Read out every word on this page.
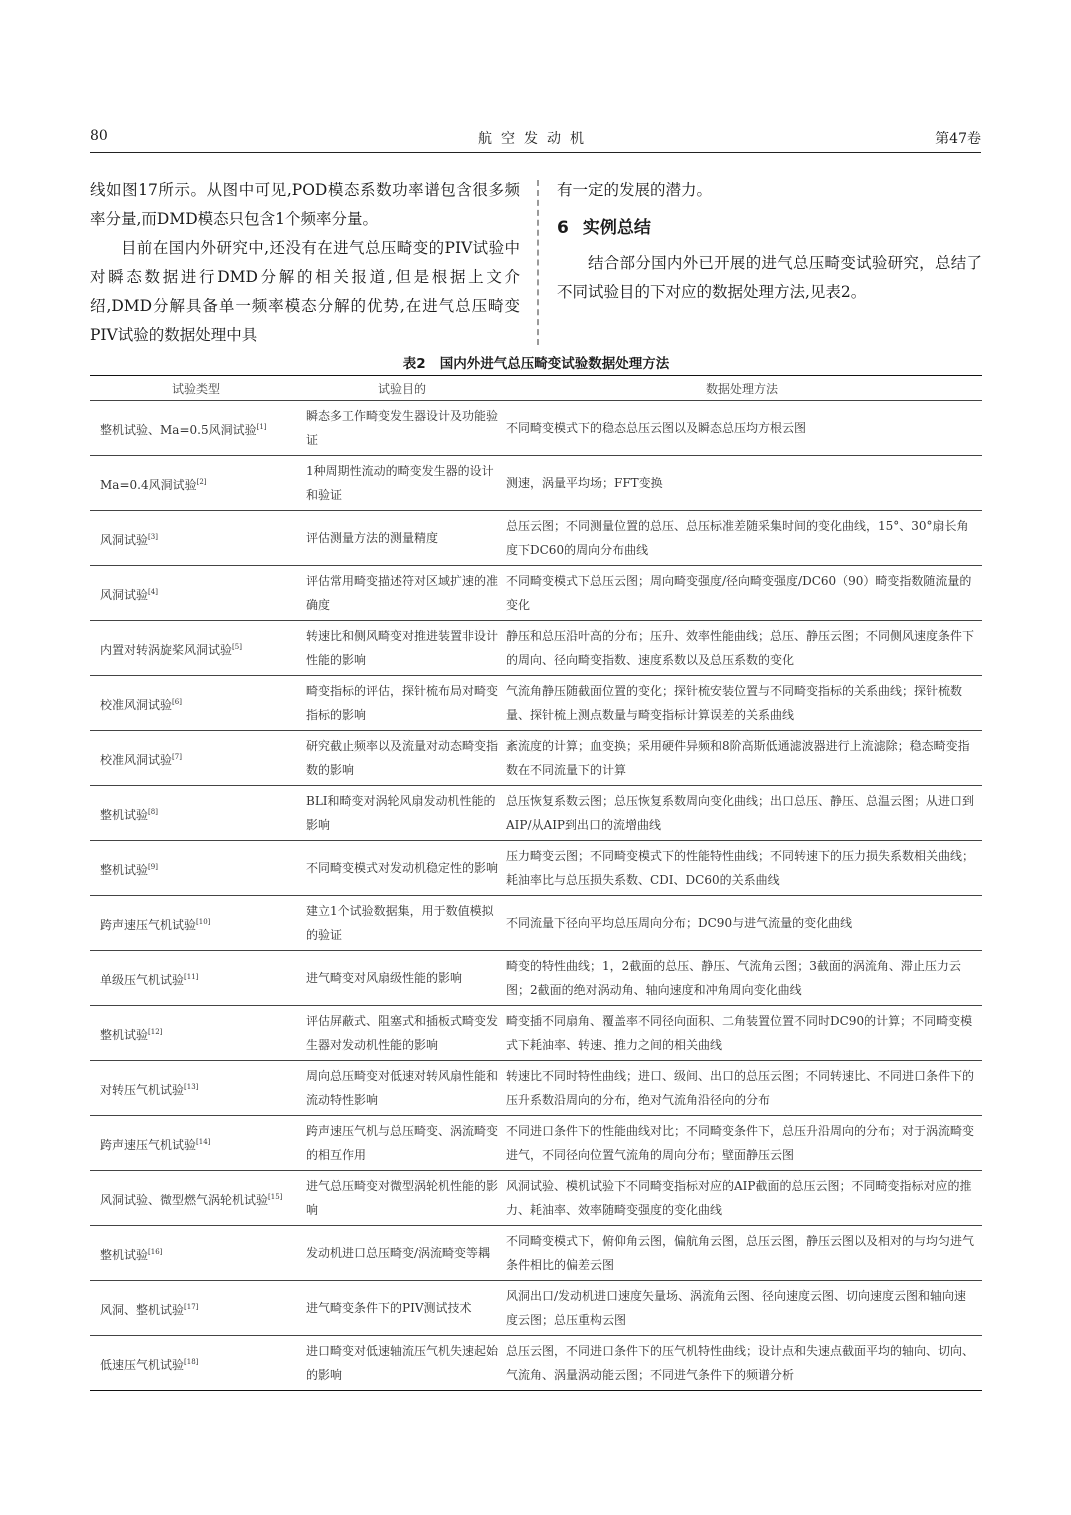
80	航空发动机	第47卷

线如图17所示。从图中可见,POD模态系数功率谱包含很多频率分量,而DMD模态只包含1个频率分量。

目前在国内外研究中,还没有在进气总压畸变的PIV试验中对瞬态数据进行DMD分解的相关报道,但是根据上文介绍,DMD分解具备单一频率模态分解的优势,在进气总压畸变PIV试验的数据处理中具

有一定的发展的潜力。

6 实例总结

结合部分国内外已开展的进气总压畸变试验研究，总结了不同试验目的下对应的数据处理方法,见表2。

表2 国内外进气总压畸变试验数据处理方法
试验类型	试验目的	数据处理方法
整机试验、Ma=0.5风洞试验[1]	瞬态多工作畸变发生器设计及功能验证	不同畸变模式下的稳态总压云图以及瞬态总压均方根云图
Ma=0.4风洞试验[2]	1种周期性流动的畸变发生器的设计和验证	测速，涡量平均场；FFT变换
风洞试验[3]	评估测量方法的测量精度	总压云图；不同测量位置的总压、总压标准差随采集时间的变化曲线，15°、30°扇长角度下DC60的周向分布曲线
风洞试验[4]	评估常用畸变描述符对区域扩速的准确度	不同畸变模式下总压云图；周向畸变强度/径向畸变强度/DC60（90）畸变指数随流量的变化
内置对转涡旋桨风洞试验[5]	转速比和侧风畸变对推进装置非设计性能的影响	静压和总压沿叶高的分布；压升、效率性能曲线；总压、静压云图；不同侧风速度条件下的周向、径向畸变指数、速度系数以及总压系数的变化
校准风洞试验[6]	畸变指标的评估，探针梳布局对畸变指标的影响	气流角静压随截面位置的变化；探针梳安装位置与不同畸变指标的关系曲线；探针梳数量、探针梳上测点数量与畸变指标计算误差的关系曲线
校准风洞试验[7]	研究截止频率以及流量对动态畸变指数的影响	紊流度的计算；血变换；采用硬件异频和8阶高斯低通滤波器进行上流滤除；稳态畸变指数在不同流量下的计算
整机试验[8]	BLI和畸变对涡轮风扇发动机性能的影响	总压恢复系数云图；总压恢复系数周向变化曲线；出口总压、静压、总温云图；从进口到AIP/从AIP到出口的流增曲线
整机试验[9]	不同畸变模式对发动机稳定性的影响	压力畸变云图；不同畸变模式下的性能特性曲线；不同转速下的压力损失系数相关曲线；耗油率比与总压损失系数、CDI、DC60的关系曲线
跨声速压气机试验[10]	建立1个试验数据集，用于数值模拟的验证	不同流量下径向平均总压周向分布；DC90与进气流量的变化曲线
单级压气机试验[11]	进气畸变对风扇级性能的影响	畸变的特性曲线；1，2截面的总压、静压、气流角云图；3截面的涡流角、滞止压力云图；2截面的绝对涡动角、轴向速度和冲角周向变化曲线
整机试验[12]	评估屏蔽式、阻塞式和插板式畸变发生器对发动机性能的影响	畸变插不同扇角、覆盖率不同径向面积、二角装置位置不同时DC90的计算；不同畸变模式下耗油率、转速、推力之间的相关曲线
对转压气机试验[13]	周向总压畸变对低速对转风扇性能和流动特性影响	转速比不同时特性曲线；进口、级间、出口的总压云图；不同转速比、不同进口条件下的压升系数沿周向的分布，绝对气流角沿径向的分布
跨声速压气机试验[14]	跨声速压气机与总压畸变、涡流畸变的相互作用	不同进口条件下的性能曲线对比；不同畸变条件下，总压升沿周向的分布；对于涡流畸变进气，不同径向位置气流角的周向分布；壁面静压云图
风洞试验、微型燃气涡轮机试验[15]	进气总压畸变对微型涡轮机性能的影响	风洞试验、模机试验下不同畸变指标对应的AIP截面的总压云图；不同畸变指标对应的推力、耗油率、效率随畸变强度的变化曲线
整机试验[16]	发动机进口总压畸变/涡流畸变等耦	不同畸变模式下，俯仰角云图，偏航角云图，总压云图，静压云图以及相对的与均匀进气条件相比的偏差云图
风洞、整机试验[17]	进气畸变条件下的PIV测试技术	风洞出口/发动机进口速度矢量场、涡流角云图、径向速度云图、切向速度云图和轴向速度云图；总压重构云图
低速压气机试验[18]	进口畸变对低速轴流压气机失速起始的影响	总压云图，不同进口条件下的压气机特性曲线；设计点和失速点截面平均的轴向、切向、气流角、涡量涡动能云图；不同进气条件下的频谱分析
